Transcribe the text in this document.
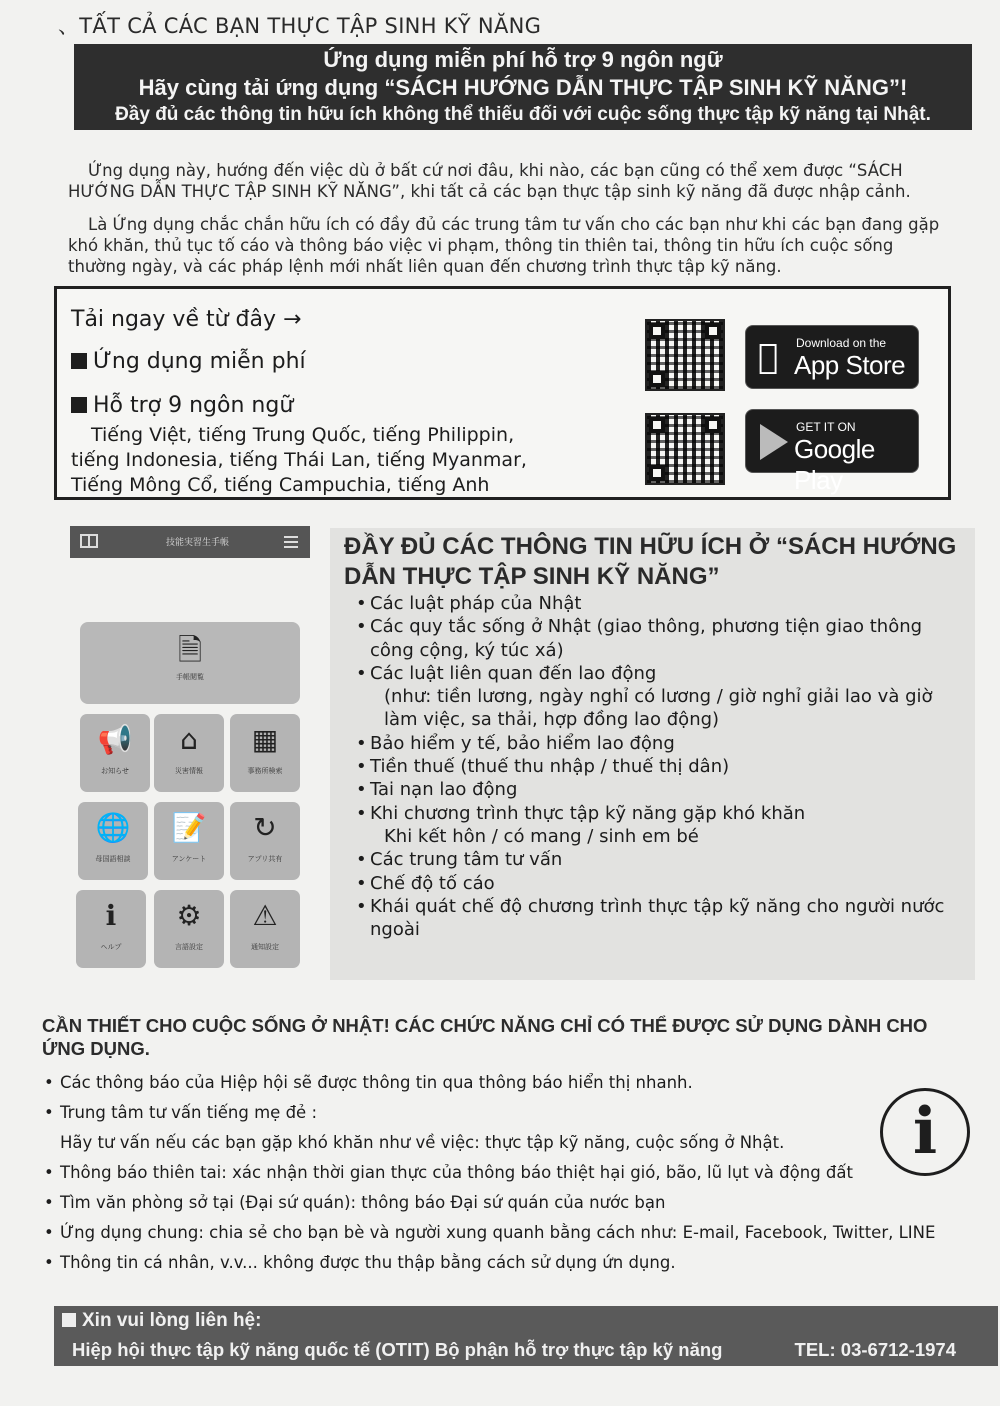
、TẤT CẢ CÁC BẠN THỰC TẬP SINH KỸ NĂNG
Ứng dụng miễn phí hỗ trợ 9 ngôn ngữ
Hãy cùng tải ứng dụng “SÁCH HƯỚNG DẪN THỰC TẬP SINH KỸ NĂNG”!
Đầy đủ các thông tin hữu ích không thể thiếu đối với cuộc sống thực tập kỹ năng tại Nhật.
Ứng dụng này, hướng đến việc dù ở bất cứ nơi đâu, khi nào, các bạn cũng có thể xem được “SÁCH HƯỚNG DẪN THỰC TẬP SINH KỸ NĂNG”, khi tất cả các bạn thực tập sinh kỹ năng đã được nhập cảnh.
Là Ứng dụng chắc chắn hữu ích có đầy đủ các trung tâm tư vấn cho các bạn như khi các bạn đang gặp khó khăn, thủ tục tố cáo và thông báo việc vi phạm, thông tin thiên tai, thông tin hữu ích cuộc sống thường ngày, và các pháp lệnh mới nhất liên quan đến chương trình thực tập kỹ năng.
Tải ngay về từ đây →
Ứng dụng miễn phí
Hỗ trợ 9 ngôn ngữ
Tiếng Việt, tiếng Trung Quốc, tiếng Philippin,
tiếng Indonesia, tiếng Thái Lan, tiếng Myanmar,
Tiếng Mông Cổ, tiếng Campuchia, tiếng Anh
Download on the
App Store
GET IT ON
Google Play
技能実習生手帳
🗎
手帳閲覧
📢
お知らせ
⌂
災害情報
▦
事務所検索
🌐
母国語相談
📝
アンケート
↻
アプリ共有
ℹ
ヘルプ
⚙
言語設定
⚠
通知設定
ĐẦY ĐỦ CÁC THÔNG TIN HỮU ÍCH Ở “SÁCH HƯỚNG DẪN THỰC TẬP SINH KỸ NĂNG”
• Các luật pháp của Nhật
• Các quy tắc sống ở Nhật (giao thông, phương tiện giao thông công cộng, ký túc xá)
• Các luật liên quan đến lao động
(như: tiền lương, ngày nghỉ có lương / giờ nghỉ giải lao và giờ làm việc, sa thải, hợp đồng lao động)
• Bảo hiểm y tế, bảo hiểm lao động
• Tiền thuế (thuế thu nhập / thuế thị dân)
• Tai nạn lao động
• Khi chương trình thực tập kỹ năng gặp khó khăn
Khi kết hôn / có mang / sinh em bé
• Các trung tâm tư vấn
• Chế độ tố cáo
• Khái quát chế độ chương trình thực tập kỹ năng cho người nước ngoài
CẦN THIẾT CHO CUỘC SỐNG Ở NHẬT! CÁC CHỨC NĂNG CHỈ CÓ THỂ ĐƯỢC SỬ DỤNG DÀNH CHO ỨNG DỤNG.
• Các thông báo của Hiệp hội sẽ được thông tin qua thông báo hiển thị nhanh.
• Trung tâm tư vấn tiếng mẹ đẻ :
Hãy tư vấn nếu các bạn gặp khó khăn như về việc: thực tập kỹ năng, cuộc sống ở Nhật.
• Thông báo thiên tai: xác nhận thời gian thực của thông báo thiệt hại gió, bão, lũ lụt và động đất
• Tìm văn phòng sở tại (Đại sứ quán): thông báo Đại sứ quán của nước bạn
• Ứng dụng chung: chia sẻ cho bạn bè và người xung quanh bằng cách như: E-mail, Facebook, Twitter, LINE
• Thông tin cá nhân, v.v... không được thu thập bằng cách sử dụng ứn dụng.
i
Xin vui lòng liên hệ:
Hiệp hội thực tập kỹ năng quốc tế (OTIT) Bộ phận hỗ trợ thực tập kỹ năng	TEL: 03-6712-1974
